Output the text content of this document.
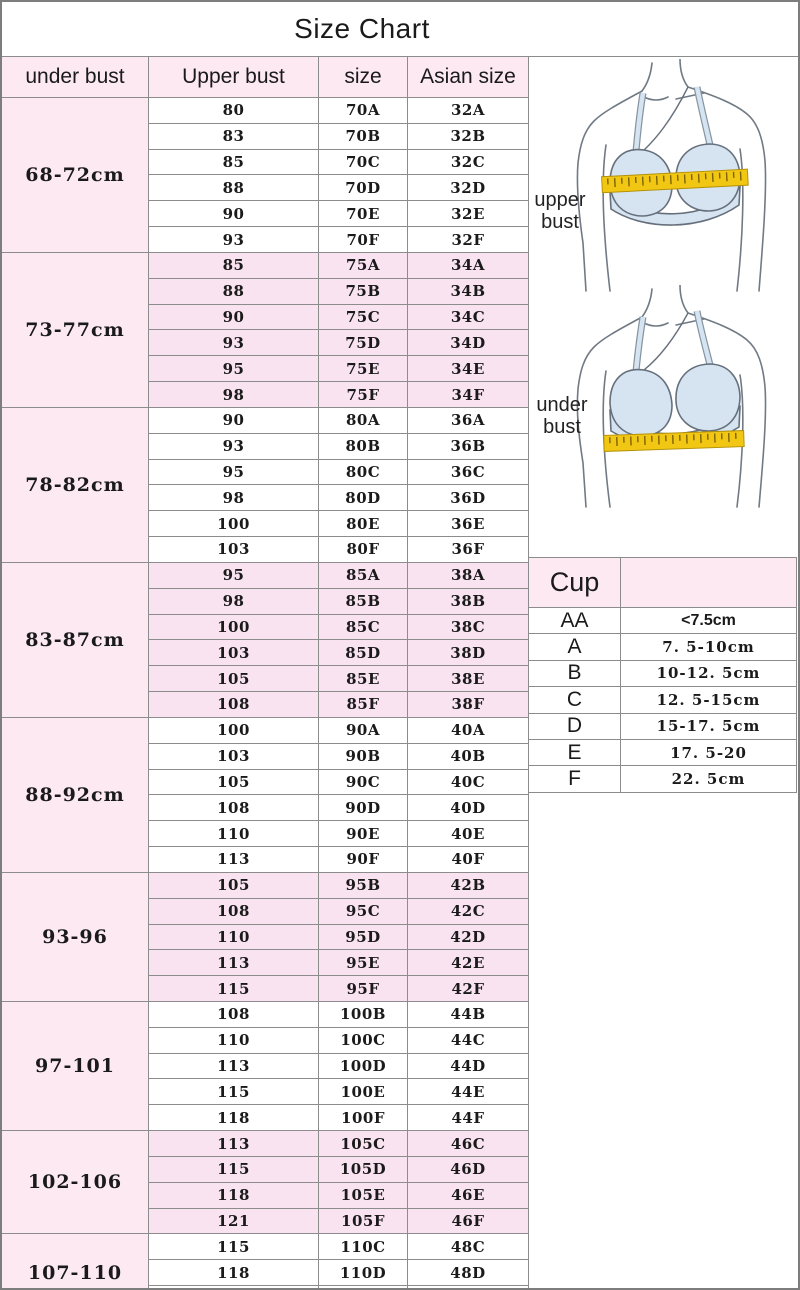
Size Chart
under bust	Upper bust	size	Asian size
68-72cm
80	70A	32A
83	70B	32B
85	70C	32C
88	70D	32D
90	70E	32E
93	70F	32F
73-77cm
85	75A	34A
88	75B	34B
90	75C	34C
93	75D	34D
95	75E	34E
98	75F	34F
78-82cm
90	80A	36A
93	80B	36B
95	80C	36C
98	80D	36D
100	80E	36E
103	80F	36F
83-87cm
95	85A	38A
98	85B	38B
100	85C	38C
103	85D	38D
105	85E	38E
108	85F	38F
88-92cm
100	90A	40A
103	90B	40B
105	90C	40C
108	90D	40D
110	90E	40E
113	90F	40F
93-96
105	95B	42B
108	95C	42C
110	95D	42D
113	95E	42E
115	95F	42F
97-101
108	100B	44B
110	100C	44C
113	100D	44D
115	100E	44E
118	100F	44F
102-106
113	105C	46C
115	105D	46D
118	105E	46E
121	105F	46F
107-110
115	110C	48C
118	110D	48D
upper bust
under bust
Cup
AA	<7.5cm
A	7. 5-10cm
B	10-12. 5cm
C	12. 5-15cm
D	15-17. 5cm
E	17. 5-20
F	22. 5cm
